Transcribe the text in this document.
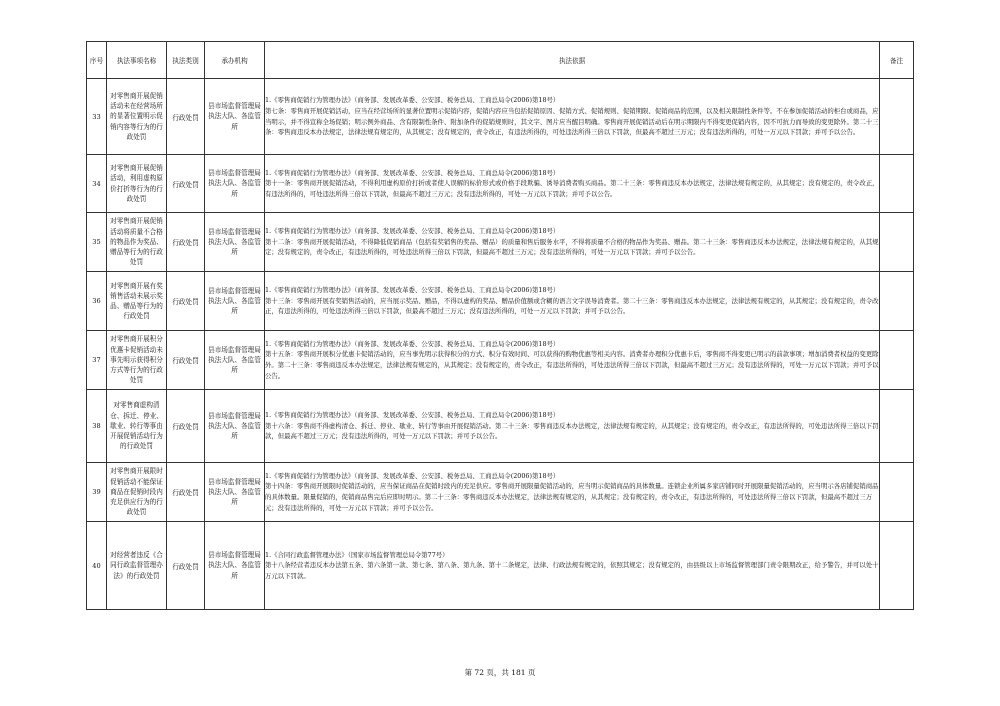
序号	执法事项名称	执法类别	承办机构	执法依据	备注
33	对零售商开展促销活动未在经营场所的显著位置明示促销内容等行为的行政处罚	行政处罚	县市场监督管理局执法大队、各监管所	1.《零售商促销行为管理办法》（商务部、发展改革委、公安部、税务总局、工商总局令(2006)第18号）
第七条：零售商开展促销活动，应当在经营场所的显著位置明示促销内容，促销内容应当包括促销原因、促销方式、促销规则、促销期限、促销商品的范围，以及相关限制性条件等。不在参加促销活动的柜台或商品，应当明示，并不得宣称全场促销；明示例外商品、含有限制性条件、附加条件的促销规则时，其文字、图片应当醒目明确。零售商开展促销活动后在明示期限内不得变更促销内容，因不可抗力而导致的变更除外。第二十三条：零售商违反本办法规定，法律法规有规定的，从其规定；没有规定的，责令改正，有违法所得的，可处违法所得三倍以下罚款，但最高不超过三万元；没有违法所得的，可处一万元以下罚款；并可予以公告。	

34	对零售商开展促销活动，利用虚构原价打折等行为的行政处罚	行政处罚	县市场监督管理局执法大队、各监管所	1.《零售商促销行为管理办法》（商务部、发展改革委、公安部、税务总局、工商总局令(2006)第18号）
第十一条：零售商开展促销活动，不得利用虚构原价打折或者使人误解的标价形式或价格手段欺骗、诱导消费者购买商品。第二十三条：零售商违反本办法规定，法律法规有规定的，从其规定；没有规定的，责令改正，有违法所得的，可处违法所得三倍以下罚款，但最高不超过三万元；没有违法所得的，可处一万元以下罚款；并可予以公告。	

35	对零售商开展促销活动将质量不合格的物品作为奖品、赠品等行为的行政处罚	行政处罚	县市场监督管理局执法大队、各监管所	1.《零售商促销行为管理办法》（商务部、发展改革委、公安部、税务总局、工商总局令(2006)第18号）
第十二条：零售商开展促销活动，不得降低促销商品（包括有奖销售的奖品、赠品）的质量和售后服务水平，不得将质量不合格的物品作为奖品、赠品。第二十三条：零售商违反本办法规定，法律法规有规定的，从其规定；没有规定的，责令改正，有违法所得的，可处违法所得三倍以下罚款，但最高不超过三万元；没有违法所得的，可处一万元以下罚款；并可予以公告。	

36	对零售商开展有奖销售活动未展示奖品、赠品等行为的行政处罚	行政处罚	县市场监督管理局执法大队、各监管所	1.《零售商促销行为管理办法》（商务部、发展改革委、公安部、税务总局、工商总局令(2006)第18号）
第十三条：零售商开展有奖销售活动的，应当展示奖品、赠品，不得以虚构的奖品、赠品价值额或含糊的语言文字误导消费者。第二十三条：零售商违反本办法规定，法律法规有规定的，从其规定；没有规定的，责令改正，有违法所得的，可处违法所得三倍以下罚款，但最高不超过三万元；没有违法所得的，可处一万元以下罚款；并可予以公告。	

37	对零售商开展积分优惠卡促销活动未事先明示获得积分方式等行为的行政处罚	行政处罚	县市场监督管理局执法大队、各监管所	1.《零售商促销行为管理办法》（商务部、发展改革委、公安部、税务总局、工商总局令(2006)第18号）
第十五条：零售商开展积分优惠卡促销活动的，应当事先明示获得积分的方式、积分有效时间、可以获得的购物优惠等相关内容。消费者办理积分优惠卡后，零售商不得变更已明示的前款事项；增加消费者权益的变更除外。第二十三条：零售商违反本办法规定，法律法规有规定的，从其规定；没有规定的，责令改正，有违法所得的，可处违法所得三倍以下罚款，但最高不超过三万元；没有违法所得的，可处一万元以下罚款；并可予以公告。	

38	对零售商虚构清仓、拆迁、停业、歇业、转行等事由开展促销活动行为的行政处罚	行政处罚	县市场监督管理局执法大队、各监管所	1.《零售商促销行为管理办法》（商务部、发展改革委、公安部、税务总局、工商总局令(2006)第18号）
第十六条：零售商不得虚构清仓、拆迁、停业、歇业、转行等事由开展促销活动。第二十三条：零售商违反本办法规定，法律法规有规定的，从其规定；没有规定的，责令改正，有违法所得的，可处违法所得三倍以下罚款，但最高不超过三万元；没有违法所得的，可处一万元以下罚款；并可予以公告。	

39	对零售商开展限时促销活动不能保证商品在促销时段内充足供应行为的行政处罚	行政处罚	县市场监督管理局执法大队、各监管所	1.《零售商促销行为管理办法》（商务部、发展改革委、公安部、税务总局、工商总局令(2006)第18号）
第十四条：零售商开展限时促销活动的，应当保证商品在促销时段内的充足供应。零售商开展限量促销活动的，应当明示促销商品的具体数量。连锁企业所属多家店铺同时开展限量促销活动的，应当明示各店铺促销商品的具体数量。限量促销的，促销商品售完后应即时明示。第二十三条：零售商违反本办法规定，法律法规有规定的，从其规定；没有规定的，责令改正，有违法所得的，可处违法所得三倍以下罚款，但最高不超过三万元；没有违法所得的，可处一万元以下罚款；并可予以公告。	

40	对经营者违反《合同行政监督管理办法》的行政处罚	行政处罚	县市场监督管理局执法大队、各监管所	1.《合同行政监督管理办法》（国家市场监督管理总局令第77号）
第十八条经营者违反本办法第五条、第六条第一款、第七条、第八条、第九条、第十二条规定，法律、行政法规有规定的，依照其规定；没有规定的，由县级以上市场监督管理部门责令限期改正，给予警告，并可以处十万元以下罚款。	

第 72 页，共 181 页
